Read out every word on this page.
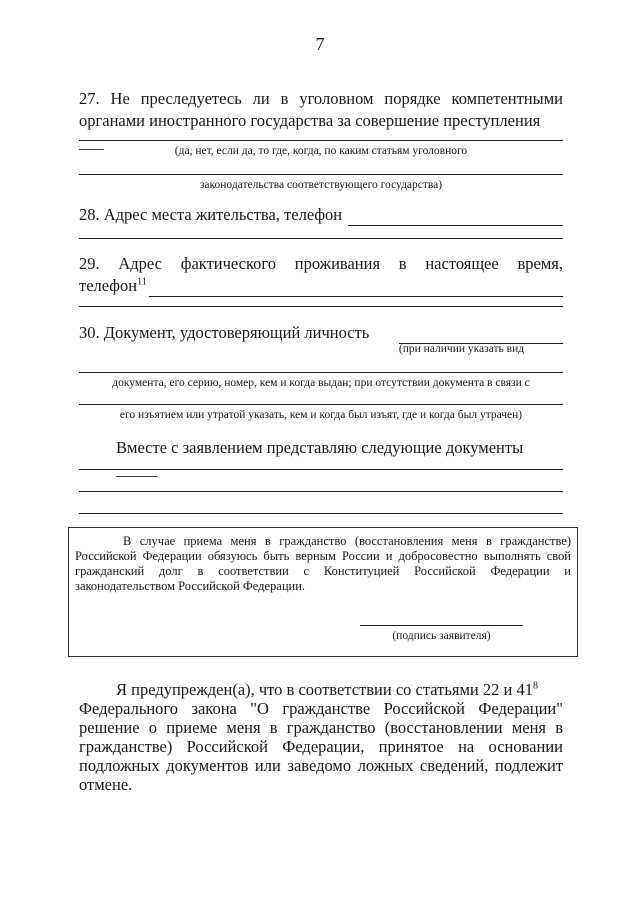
7
27. Не преследуетесь ли в уголовном порядке компетентными
органами иностранного государства за совершение преступления ___	(да, нет, если да, то где, когда, по каким статьям уголовного
законодательства соответствующего государства)
28. Адрес места жительства, телефон
29. Адрес фактического проживания в настоящее время,
телефон$^{11}$
30. Документ, удостоверяющий личность
(при наличии указать вид
документа, его серию, номер, кем и когда выдан; при отсутствии документа в связи с
его изъятием или утратой указать, кем и когда был изъят, где и когда был утрачен)
Вместе с заявлением представляю следующие документы _____

В случае приема меня в гражданство (восстановления меня в гражданстве) Российской Федерации обязуюсь быть верным России и добросовестно выполнять свой гражданский долг в соответствии с Конституцией Российской Федерации и законодательством Российской Федерации.

(подпись заявителя)
Я предупрежден(а), что в соответствии со статьями 22 и $41^8$
Федерального закона "О гражданстве Российской Федерации"
решение о приеме меня в гражданство (восстановлении меня в
гражданстве) Российской Федерации, принятое на основании
подложных документов или заведомо ложных сведений, подлежит
отмене.
